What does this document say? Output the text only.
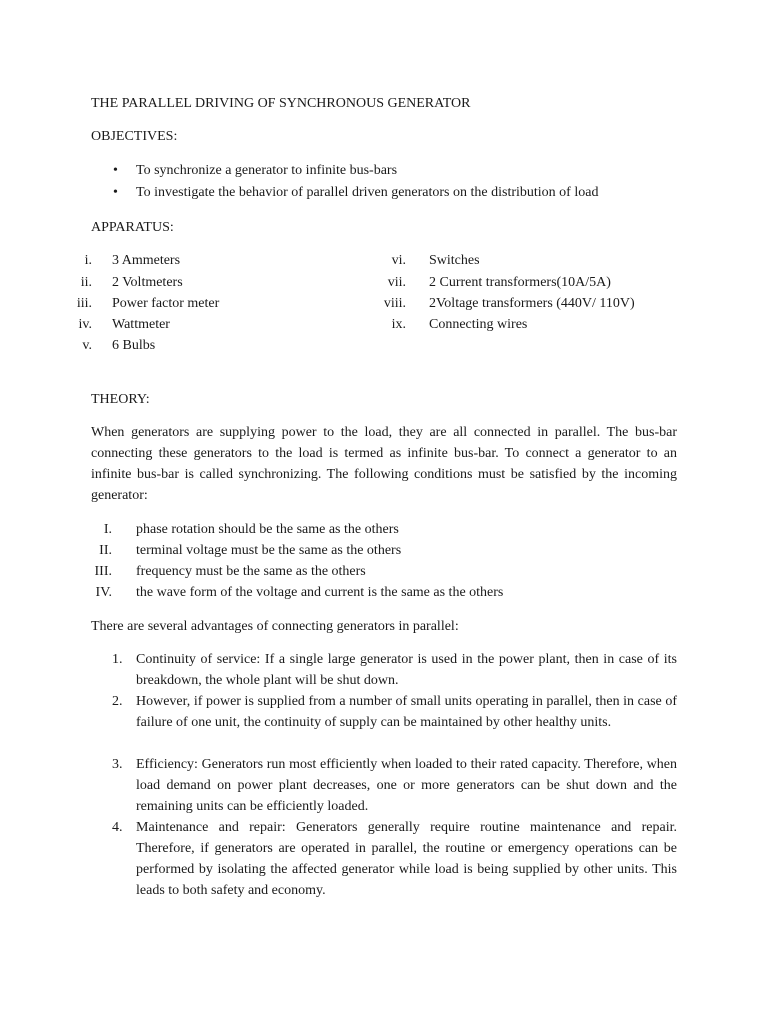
THE PARALLEL DRIVING OF SYNCHRONOUS GENERATOR

OBJECTIVES:

• To synchronize a generator to infinite bus-bars
• To investigate the behavior of parallel driven generators on the distribution of load

APPARATUS:

i. 3 Ammeters
ii. 2 Voltmeters
iii. Power factor meter
iv. Wattmeter
v. 6 Bulbs
vi. Switches
vii. 2 Current transformers(10A/5A)
viii. 2Voltage transformers (440V/ 110V)
ix. Connecting wires

THEORY:

When generators are supplying power to the load, they are all connected in parallel. The bus-bar connecting these generators to the load is termed as infinite bus-bar. To connect a generator to an infinite bus-bar is called synchronizing. The following conditions must be satisfied by the incoming generator:

I. phase rotation should be the same as the others
II. terminal voltage must be the same as the others
III. frequency must be the same as the others
IV. the wave form of the voltage and current is the same as the others

There are several advantages of connecting generators in parallel:

1. Continuity of service: If a single large generator is used in the power plant, then in case of its breakdown, the whole plant will be shut down.
2. However, if power is supplied from a number of small units operating in parallel, then in case of failure of one unit, the continuity of supply can be maintained by other healthy units.
3. Efficiency: Generators run most efficiently when loaded to their rated capacity. Therefore, when load demand on power plant decreases, one or more generators can be shut down and the remaining units can be efficiently loaded.
4. Maintenance and repair: Generators generally require routine maintenance and repair. Therefore, if generators are operated in parallel, the routine or emergency operations can be performed by isolating the affected generator while load is being supplied by other units. This leads to both safety and economy.
